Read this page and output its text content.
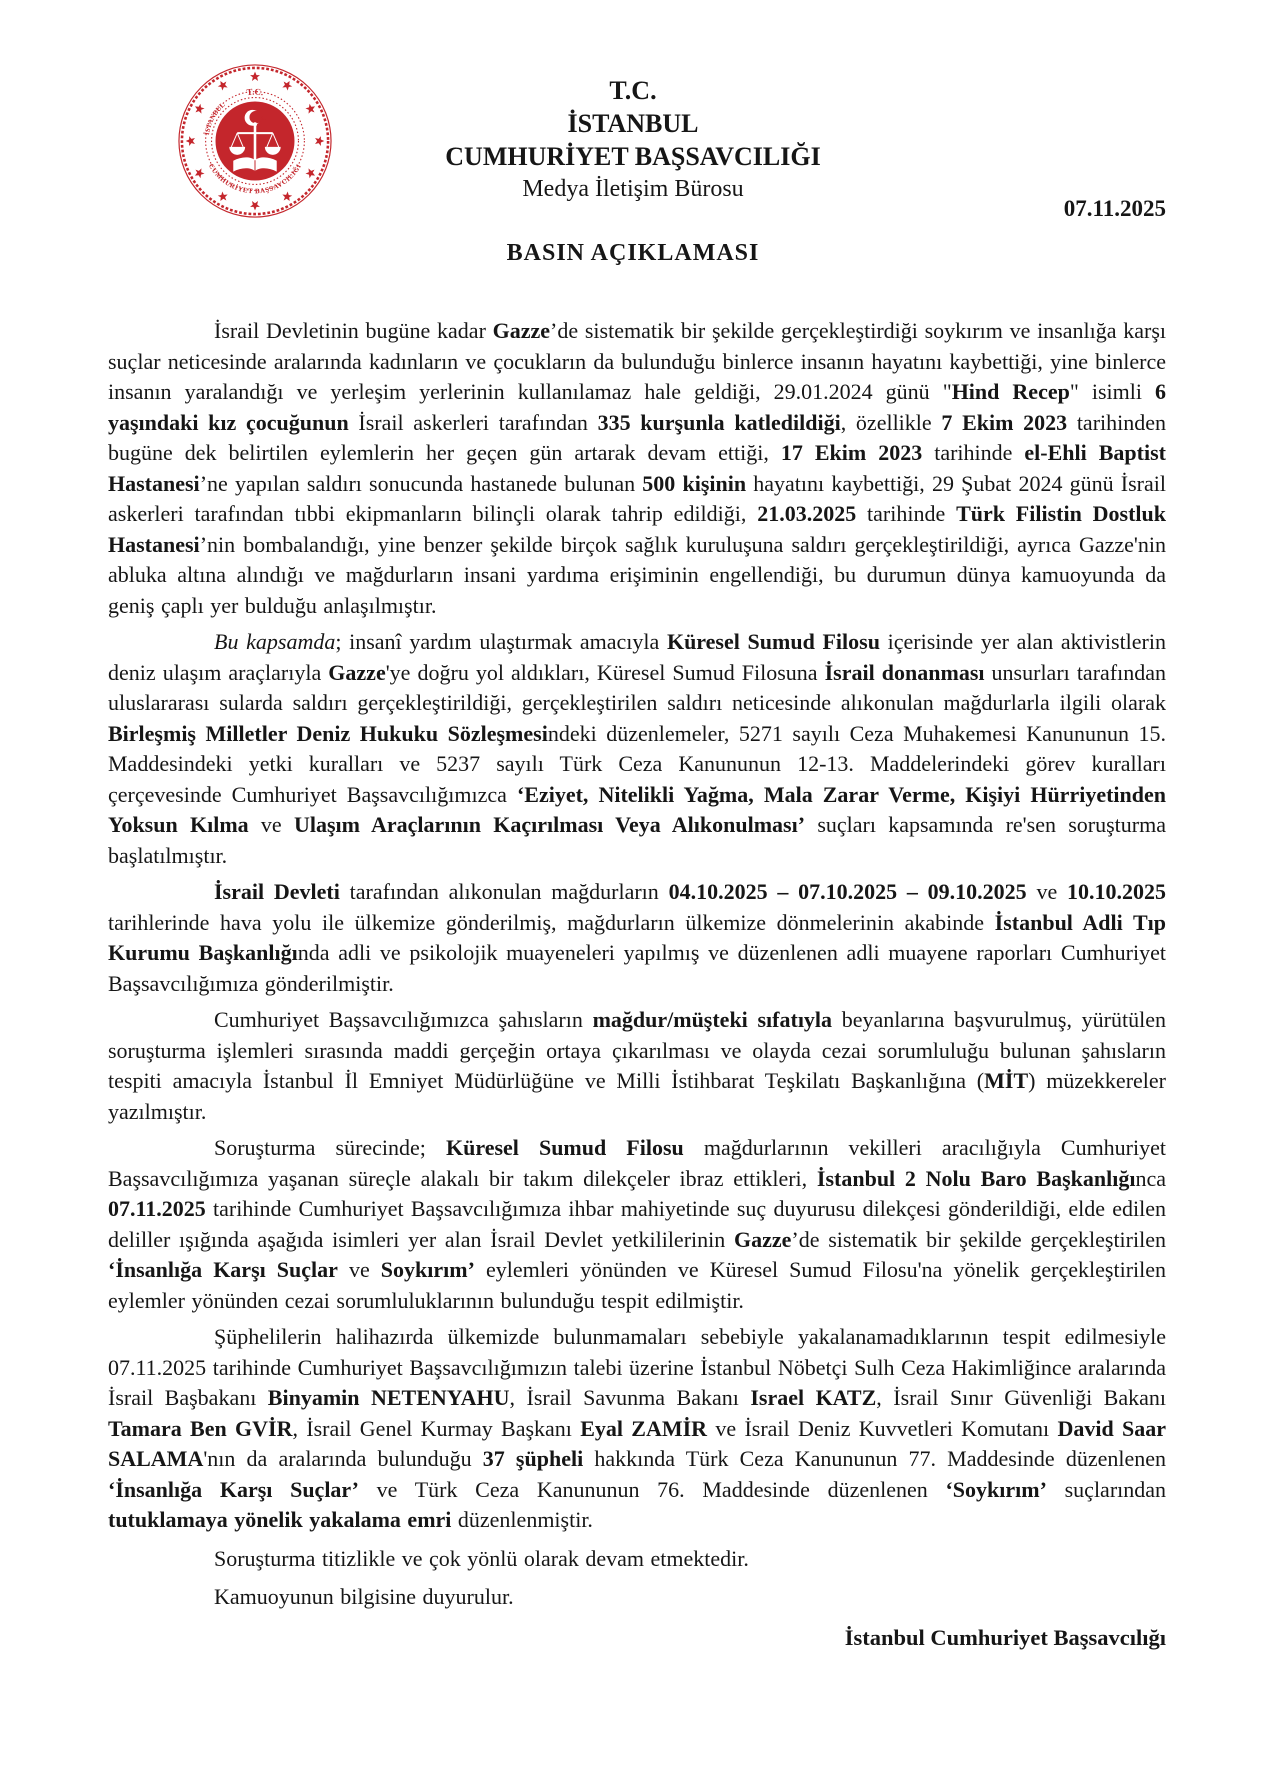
T.C.
İSTANBUL
CUMHURİYET BAŞSAVCILIĞI
T.C.
İSTANBUL
CUMHURİYET BAŞSAVCILIĞI
Medya İletişim Bürosu
07.11.2025
BASIN AÇIKLAMASI

İsrail Devletinin bugüne kadar Gazze’de sistematik bir şekilde gerçekleştirdiği soykırım ve insanlığa karşı suçlar neticesinde aralarında kadınların ve çocukların da bulunduğu binlerce insanın hayatını kaybettiği, yine binlerce insanın yaralandığı ve yerleşim yerlerinin kullanılamaz hale geldiği, 29.01.2024 günü "Hind Recep" isimli 6 yaşındaki kız çocuğunun İsrail askerleri tarafından 335 kurşunla katledildiği, özellikle 7 Ekim 2023 tarihinden bugüne dek belirtilen eylemlerin her geçen gün artarak devam ettiği, 17 Ekim 2023 tarihinde el-Ehli Baptist Hastanesi’ne yapılan saldırı sonucunda hastanede bulunan 500 kişinin hayatını kaybettiği, 29 Şubat 2024 günü İsrail askerleri tarafından tıbbi ekipmanların bilinçli olarak tahrip edildiği, 21.03.2025 tarihinde Türk Filistin Dostluk Hastanesi’nin bombalandığı, yine benzer şekilde birçok sağlık kuruluşuna saldırı gerçekleştirildiği, ayrıca Gazze'nin abluka altına alındığı ve mağdurların insani yardıma erişiminin engellendiği, bu durumun dünya kamuoyunda da geniş çaplı yer bulduğu anlaşılmıştır.

Bu kapsamda; insanî yardım ulaştırmak amacıyla Küresel Sumud Filosu içerisinde yer alan aktivistlerin deniz ulaşım araçlarıyla Gazze'ye doğru yol aldıkları, Küresel Sumud Filosuna İsrail donanması unsurları tarafından uluslararası sularda saldırı gerçekleştirildiği, gerçekleştirilen saldırı neticesinde alıkonulan mağdurlarla ilgili olarak Birleşmiş Milletler Deniz Hukuku Sözleşmesindeki düzenlemeler, 5271 sayılı Ceza Muhakemesi Kanununun 15. Maddesindeki yetki kuralları ve 5237 sayılı Türk Ceza Kanununun 12-13. Maddelerindeki görev kuralları çerçevesinde Cumhuriyet Başsavcılığımızca ‘Eziyet, Nitelikli Yağma, Mala Zarar Verme, Kişiyi Hürriyetinden Yoksun Kılma ve Ulaşım Araçlarının Kaçırılması Veya Alıkonulması’ suçları kapsamında re'sen soruşturma başlatılmıştır.

İsrail Devleti tarafından alıkonulan mağdurların 04.10.2025 – 07.10.2025 – 09.10.2025 ve 10.10.2025 tarihlerinde hava yolu ile ülkemize gönderilmiş, mağdurların ülkemize dönmelerinin akabinde İstanbul Adli Tıp Kurumu Başkanlığında adli ve psikolojik muayeneleri yapılmış ve düzenlenen adli muayene raporları Cumhuriyet Başsavcılığımıza gönderilmiştir.

Cumhuriyet Başsavcılığımızca şahısların mağdur/müşteki sıfatıyla beyanlarına başvurulmuş, yürütülen soruşturma işlemleri sırasında maddi gerçeğin ortaya çıkarılması ve olayda cezai sorumluluğu bulunan şahısların tespiti amacıyla İstanbul İl Emniyet Müdürlüğüne ve Milli İstihbarat Teşkilatı Başkanlığına (MİT) müzekkereler yazılmıştır.

Soruşturma sürecinde; Küresel Sumud Filosu mağdurlarının vekilleri aracılığıyla Cumhuriyet Başsavcılığımıza yaşanan süreçle alakalı bir takım dilekçeler ibraz ettikleri, İstanbul 2 Nolu Baro Başkanlığınca 07.11.2025 tarihinde Cumhuriyet Başsavcılığımıza ihbar mahiyetinde suç duyurusu dilekçesi gönderildiği, elde edilen deliller ışığında aşağıda isimleri yer alan İsrail Devlet yetkililerinin Gazze’de sistematik bir şekilde gerçekleştirilen ‘İnsanlığa Karşı Suçlar ve Soykırım’ eylemleri yönünden ve Küresel Sumud Filosu'na yönelik gerçekleştirilen eylemler yönünden cezai sorumluluklarının bulunduğu tespit edilmiştir.

Şüphelilerin halihazırda ülkemizde bulunmamaları sebebiyle yakalanamadıklarının tespit edilmesiyle 07.11.2025 tarihinde Cumhuriyet Başsavcılığımızın talebi üzerine İstanbul Nöbetçi Sulh Ceza Hakimliğince aralarında İsrail Başbakanı Binyamin NETENYAHU, İsrail Savunma Bakanı Israel KATZ, İsrail Sınır Güvenliği Bakanı Tamara Ben GVİR, İsrail Genel Kurmay Başkanı Eyal ZAMİR ve İsrail Deniz Kuvvetleri Komutanı David Saar SALAMA'nın da aralarında bulunduğu 37 şüpheli hakkında Türk Ceza Kanununun 77. Maddesinde düzenlenen ‘İnsanlığa Karşı Suçlar’ ve Türk Ceza Kanununun 76. Maddesinde düzenlenen ‘Soykırım’ suçlarından tutuklamaya yönelik yakalama emri düzenlenmiştir.

Soruşturma titizlikle ve çok yönlü olarak devam etmektedir.

Kamuoyunun bilgisine duyurulur.

İstanbul Cumhuriyet Başsavcılığı
